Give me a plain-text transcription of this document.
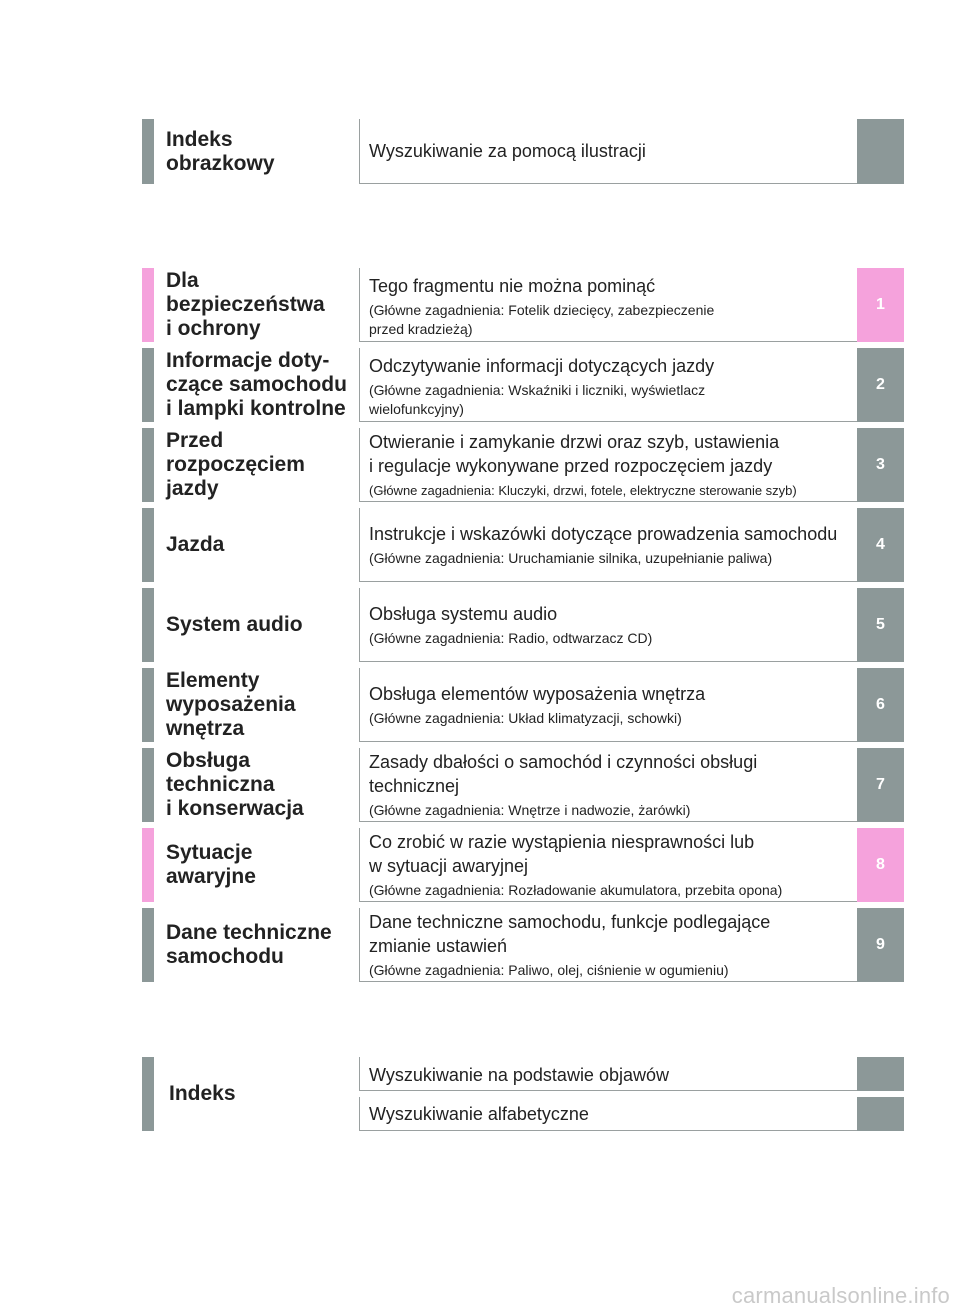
Indeks
obrazkowy
Wyszukiwanie za pomocą ilustracji
Dla
bezpieczeństwa
i ochrony
Tego fragmentu nie można pominąć
(Główne zagadnienia: Fotelik dziecięcy, zabezpieczenie
przed kradzieżą)
1
Informacje doty-
czące samochodu
i lampki kontrolne
Odczytywanie informacji dotyczących jazdy
(Główne zagadnienia: Wskaźniki i liczniki, wyświetlacz
wielofunkcyjny)
2
Przed
rozpoczęciem
jazdy
Otwieranie i zamykanie drzwi oraz szyb, ustawienia
i regulacje wykonywane przed rozpoczęciem jazdy
(Główne zagadnienia: Kluczyki, drzwi, fotele, elektryczne sterowanie szyb)
3
Jazda	Instrukcje i wskazówki dotyczące prowadzenia samochodu
(Główne zagadnienia: Uruchamianie silnika, uzupełnianie paliwa)
4
System audio	Obsługa systemu audio
(Główne zagadnienia: Radio, odtwarzacz CD)
5
Elementy
wyposażenia
wnętrza
Obsługa elementów wyposażenia wnętrza
(Główne zagadnienia: Układ klimatyzacji, schowki)
6
Obsługa
techniczna
i konserwacja
Zasady dbałości o samochód i czynności obsługi
technicznej
(Główne zagadnienia: Wnętrze i nadwozie, żarówki)
7
Sytuacje
awaryjne
Co zrobić w razie wystąpienia niesprawności lub
w sytuacji awaryjnej
(Główne zagadnienia: Rozładowanie akumulatora, przebita opona)
8
Dane techniczne
samochodu
Dane techniczne samochodu, funkcje podlegające
zmianie ustawień
(Główne zagadnienia: Paliwo, olej, ciśnienie w ogumieniu)
9
Indeks
Wyszukiwanie na podstawie objawów
Wyszukiwanie alfabetyczne
carmanualsonline.info
